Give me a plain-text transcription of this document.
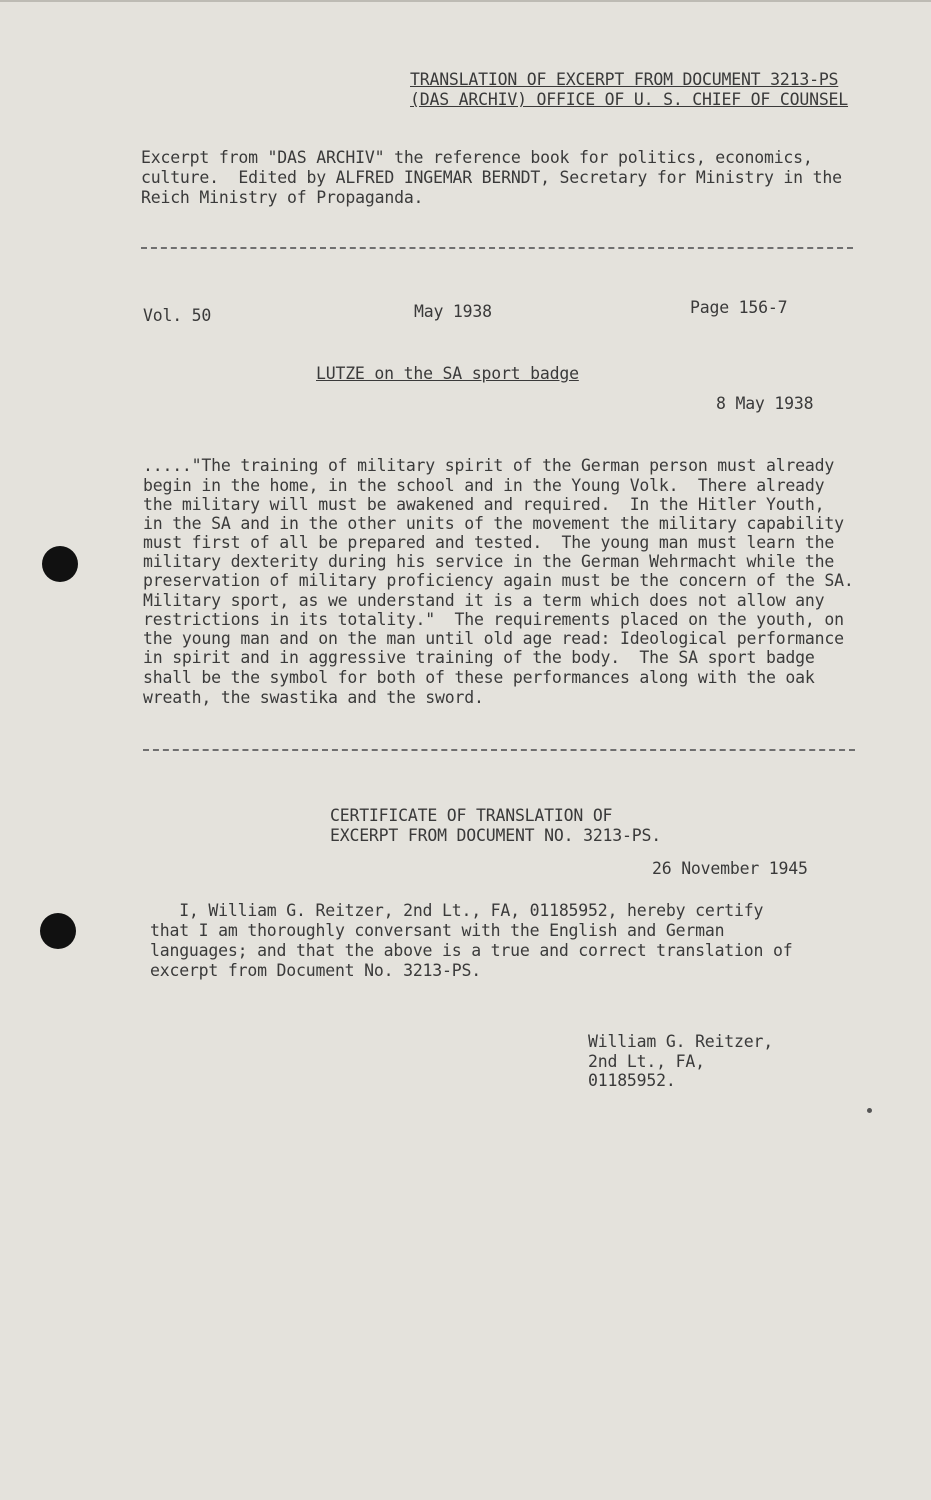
TRANSLATION OF EXCERPT FROM DOCUMENT 3213-PS
(DAS ARCHIV) OFFICE OF U. S. CHIEF OF COUNSEL
Excerpt from "DAS ARCHIV" the reference book for politics, economics,
culture.  Edited by ALFRED INGEMAR BERNDT, Secretary for Ministry in the
Reich Ministry of Propaganda.
Vol. 50	May 1938	Page 156-7
LUTZE on the SA sport badge
8 May 1938
....."The training of military spirit of the German person must already
begin in the home, in the school and in the Young Volk.  There already
the military will must be awakened and required.  In the Hitler Youth,
in the SA and in the other units of the movement the military capability
must first of all be prepared and tested.  The young man must learn the
military dexterity during his service in the German Wehrmacht while the
preservation of military proficiency again must be the concern of the SA.
Military sport, as we understand it is a term which does not allow any
restrictions in its totality."  The requirements placed on the youth, on
the young man and on the man until old age read: Ideological performance
in spirit and in aggressive training of the body.  The SA sport badge
shall be the symbol for both of these performances along with the oak
wreath, the swastika and the sword.
CERTIFICATE OF TRANSLATION OF
EXCERPT FROM DOCUMENT NO. 3213-PS.
26 November 1945
I, William G. Reitzer, 2nd Lt., FA, 01185952, hereby certify
that I am thoroughly conversant with the English and German
languages; and that the above is a true and correct translation of
excerpt from Document No. 3213-PS.
William G. Reitzer,
2nd Lt., FA,
01185952.
